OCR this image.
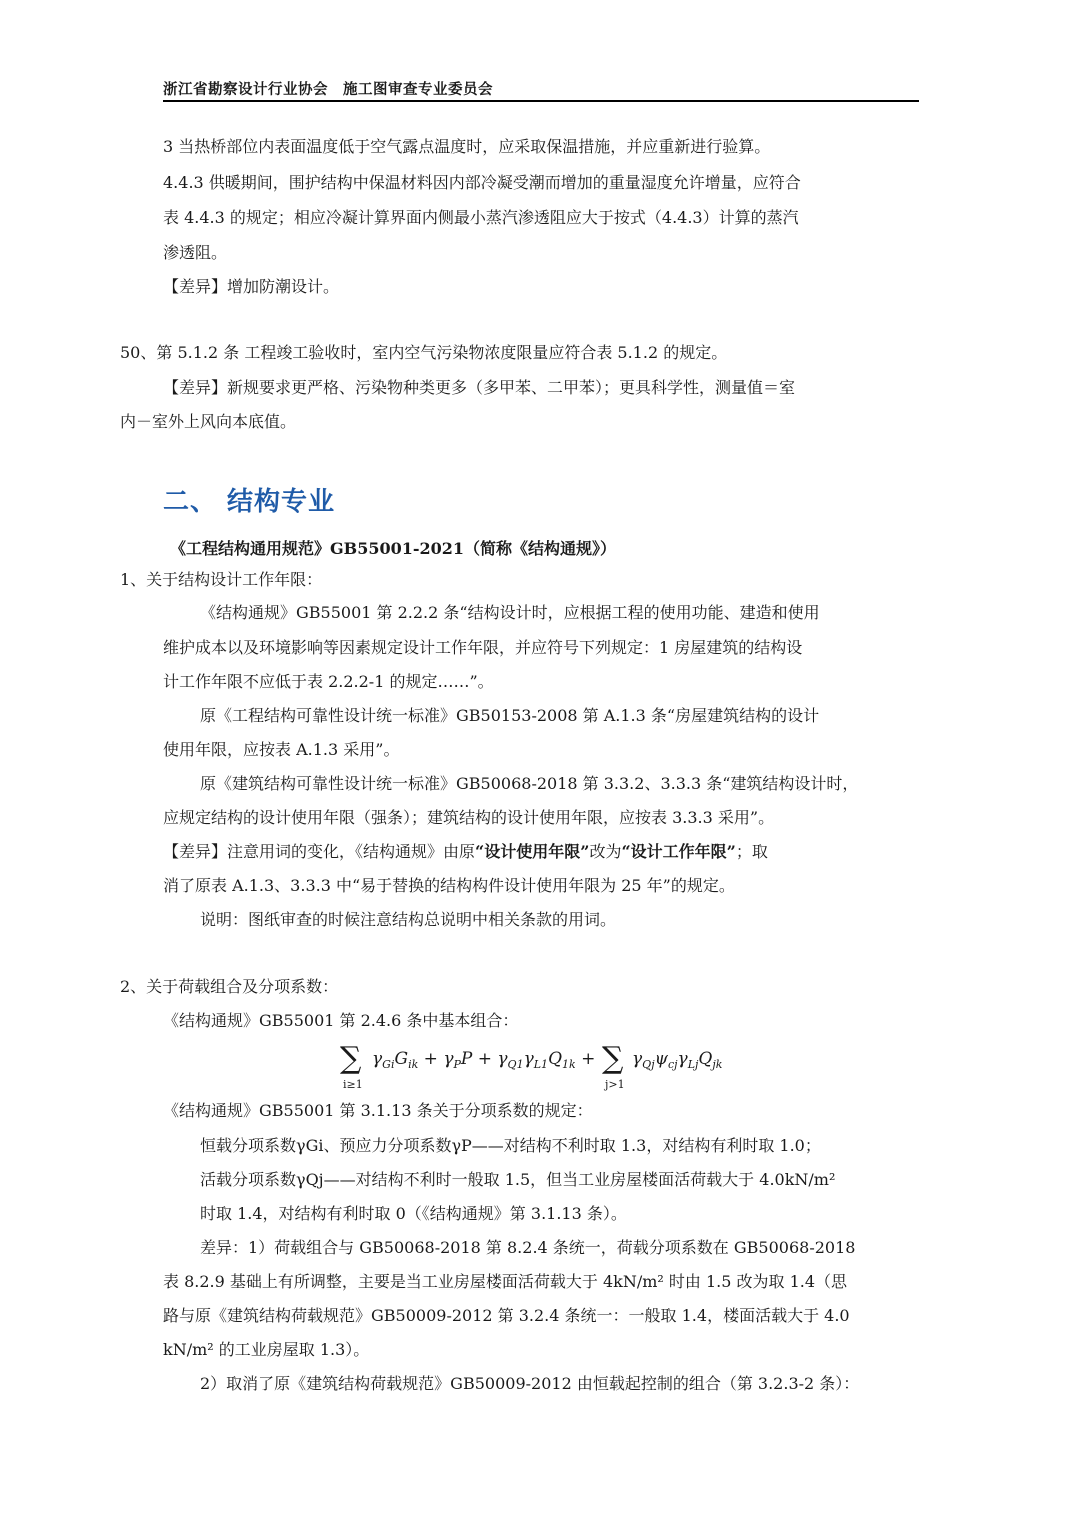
浙江省勘察设计行业协会　施工图审查专业委员会
3 当热桥部位内表面温度低于空气露点温度时，应采取保温措施，并应重新进行验算。
4.4.3 供暖期间，围护结构中保温材料因内部冷凝受潮而增加的重量湿度允许增量，应符合
表 4.4.3 的规定；相应冷凝计算界面内侧最小蒸汽渗透阻应大于按式（4.4.3）计算的蒸汽
渗透阻。
【差异】增加防潮设计。
50、第 5.1.2 条 工程竣工验收时，室内空气污染物浓度限量应符合表 5.1.2 的规定。
【差异】新规要求更严格、污染物种类更多（多甲苯、二甲苯）；更具科学性，测量值＝室
内－室外上风向本底值。
二、 结构专业
《工程结构通用规范》GB55001-2021（简称《结构通规》）
1、关于结构设计工作年限：
《结构通规》GB55001 第 2.2.2 条“结构设计时，应根据工程的使用功能、建造和使用
维护成本以及环境影响等因素规定设计工作年限，并应符号下列规定：1 房屋建筑的结构设
计工作年限不应低于表 2.2.2-1 的规定……”。
原《工程结构可靠性设计统一标准》GB50153-2008 第 A.1.3 条“房屋建筑结构的设计
使用年限，应按表 A.1.3 采用”。
原《建筑结构可靠性设计统一标准》GB50068-2018 第 3.3.2、3.3.3 条“建筑结构设计时，
应规定结构的设计使用年限（强条）；建筑结构的设计使用年限，应按表 3.3.3 采用”。
【差异】注意用词的变化，《结构通规》由原“设计使用年限”改为“设计工作年限”；取
消了原表 A.1.3、3.3.3 中“易于替换的结构构件设计使用年限为 25 年”的规定。
说明：图纸审查的时候注意结构总说明中相关条款的用词。
2、关于荷载组合及分项系数：
《结构通规》GB55001 第 2.4.6 条中基本组合：
∑
i≥1
$\gamma_{Gi}G_{ik} + \gamma_PP + \gamma_{Q1}\gamma_{L1}Q_{1k}$ + ∑
j>1
$\gamma_{Qj}\psi_{cj}\gamma_{Lj}Q_{jk}$
《结构通规》GB55001 第 3.1.13 条关于分项系数的规定：
恒载分项系数γGi、预应力分项系数γP——对结构不利时取 1.3，对结构有利时取 1.0；
活载分项系数γQj——对结构不利时一般取 1.5，但当工业房屋楼面活荷载大于 4.0kN/m²
时取 1.4，对结构有利时取 0（《结构通规》第 3.1.13 条）。
差异：1）荷载组合与 GB50068-2018 第 8.2.4 条统一，荷载分项系数在 GB50068-2018
表 8.2.9 基础上有所调整，主要是当工业房屋楼面活荷载大于 4kN/m² 时由 1.5 改为取 1.4（思
路与原《建筑结构荷载规范》GB50009-2012 第 3.2.4 条统一：一般取 1.4，楼面活载大于 4.0
kN/m² 的工业房屋取 1.3）。
2）取消了原《建筑结构荷载规范》GB50009-2012 由恒载起控制的组合（第 3.2.3-2 条）：
